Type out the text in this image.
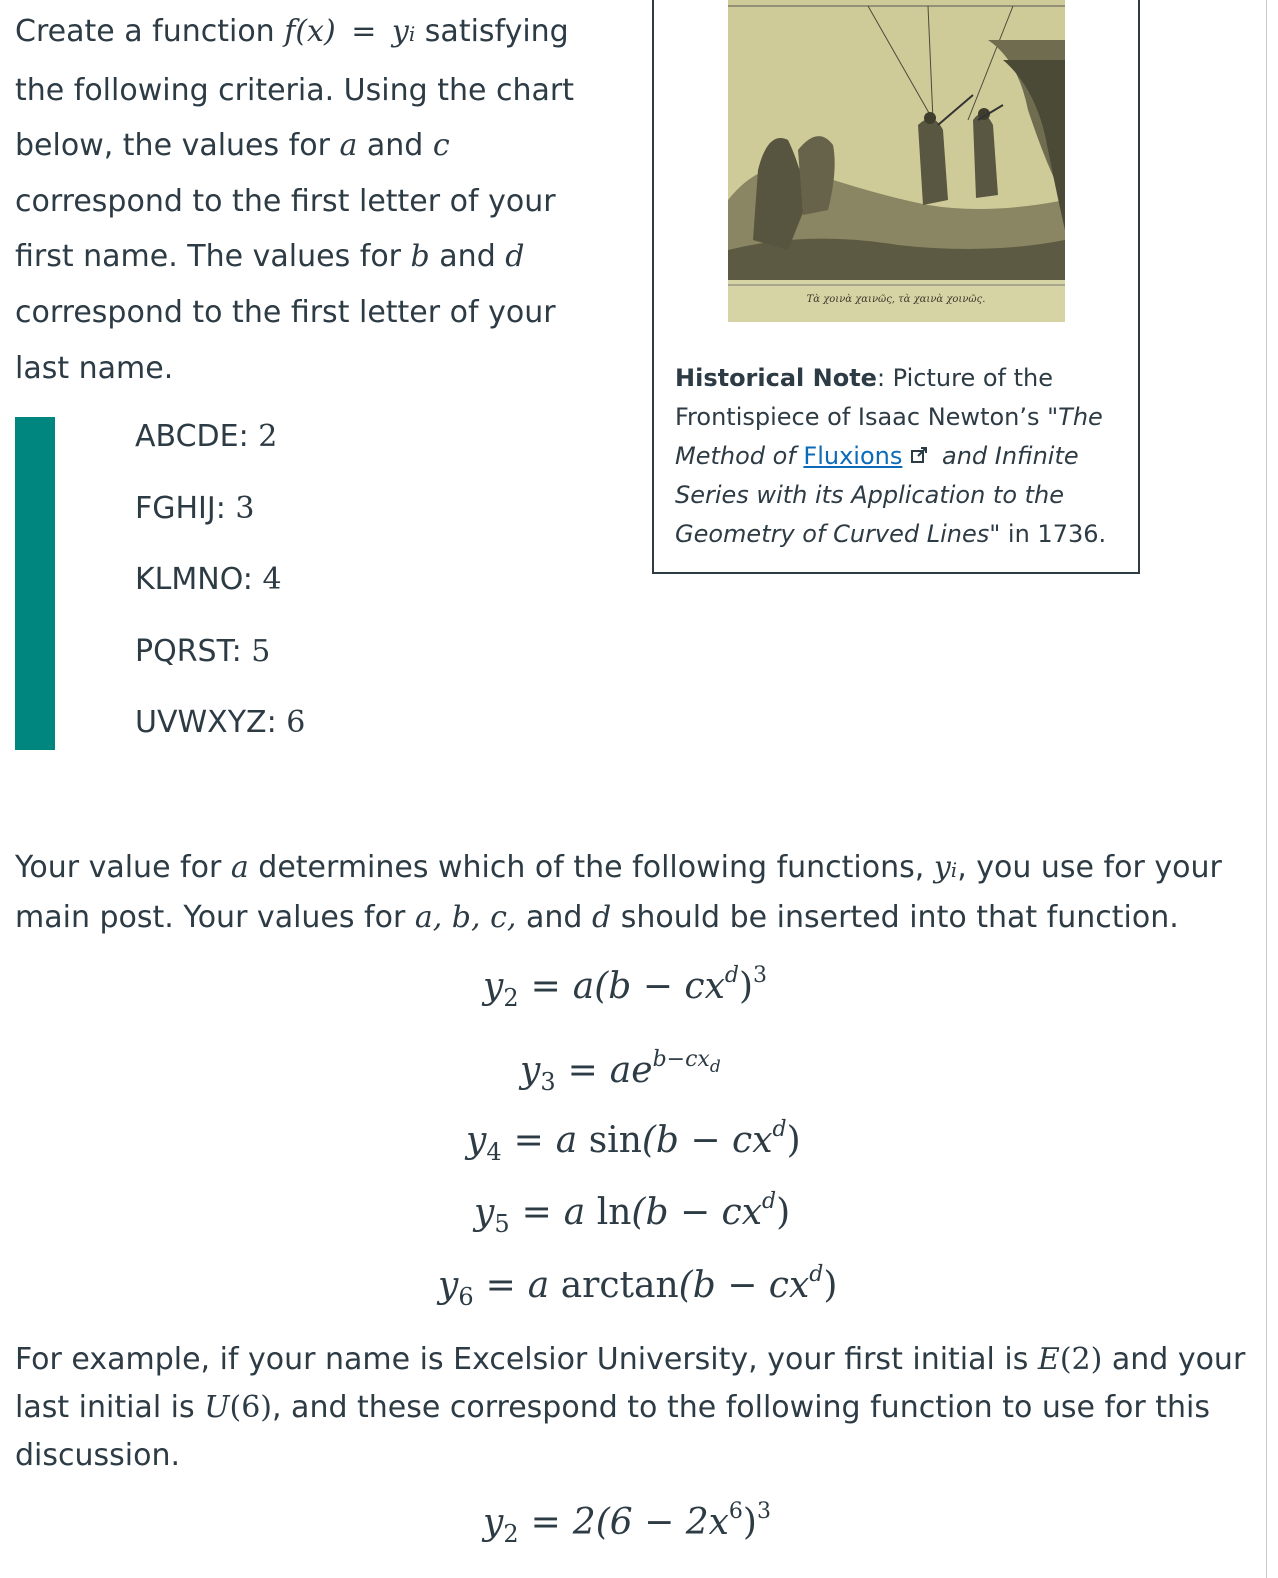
Create a function f(x) = yi satisfying the following criteria. Using the chart below, the values for a and c correspond to the first letter of your first name. The values for b and d correspond to the first letter of your last name.

ABCDE: 2
FGHIJ: 3
KLMNO: 4
PQRST: 5
UVWXYZ: 6
Τὰ χοινὰ χαινῶς, τὰ χαινὰ χοινῶς.
Historical Note: Picture of the Frontispiece of Isaac Newton’s "The Method of Fluxions and Infinite Series with its Application to the Geometry of Curved Lines" in 1736.

Your value for a determines which of the following functions, yi, you use for your main post. Your values for a, b, c, and d should be inserted into that function.

$y_2 = a(b - cx^d)^3$
$y_3 = ae^{b-cxd}$
$y_4 = a$ $\sin(b - cx^d)$
$y_5 = a$ $\ln(b - cx^d)$
$y_6 = a$ $\arctan(b - cx^d)$

For example, if your name is Excelsior University, your first initial is E(2) and your last initial is U(6), and these correspond to the following function to use for this discussion.

$y_2 = 2(6 - 2x^6)^3$
